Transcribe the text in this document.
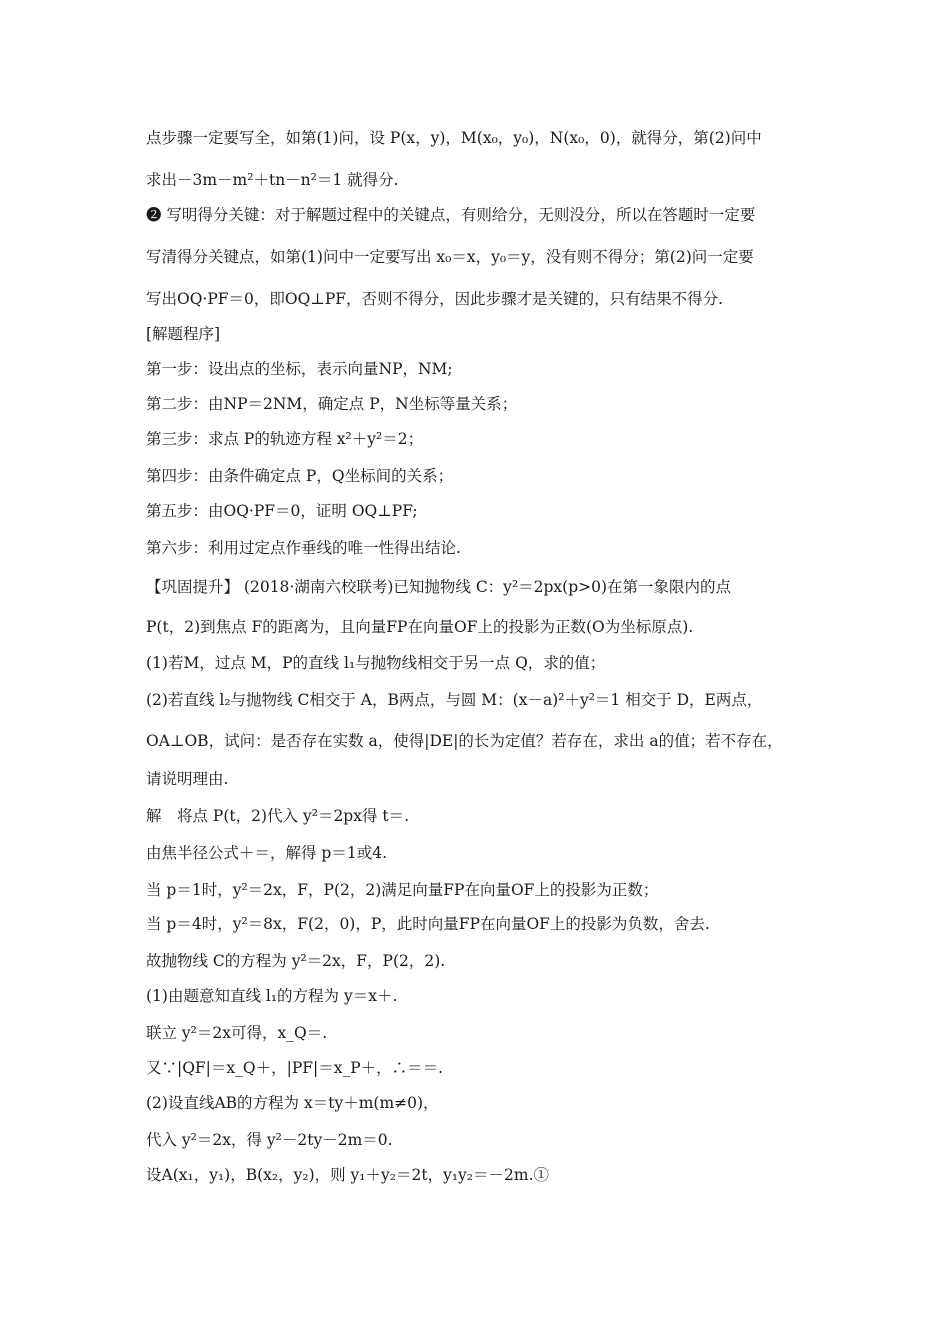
点步骤一定要写全，如第(1)问，设 P(x，y)，M(x₀，y₀)，N(x₀，0)，就得分，第(2)问中
求出－3m－m²＋tn－n²＝1 就得分.
❷ 写明得分关键：对于解题过程中的关键点，有则给分，无则没分，所以在答题时一定要
写清得分关键点，如第(1)问中一定要写出 x₀＝x，y₀＝y，没有则不得分；第(2)问一定要
写出OQ·PF＝0，即OQ⊥PF，否则不得分，因此步骤才是关键的，只有结果不得分.
[解题程序]
第一步：设出点的坐标，表示向量NP，NM;
第二步：由NP＝2NM，确定点 P，N坐标等量关系；
第三步：求点 P的轨迹方程 x²＋y²＝2；
第四步：由条件确定点 P，Q坐标间的关系；
第五步：由OQ·PF＝0，证明 OQ⊥PF;
第六步：利用过定点作垂线的唯一性得出结论.
【巩固提升】 (2018·湖南六校联考)已知抛物线 C：y²＝2px(p>0)在第一象限内的点
P(t，2)到焦点 F的距离为，且向量FP在向量OF上的投影为正数(O为坐标原点).
(1)若M，过点 M，P的直线 l₁与抛物线相交于另一点 Q，求的值；
(2)若直线 l₂与抛物线 C相交于 A，B两点，与圆 M：(x－a)²＋y²＝1 相交于 D，E两点，
OA⊥OB，试问：是否存在实数 a，使得|DE|的长为定值？若存在，求出 a的值；若不存在，
请说明理由.
解　将点 P(t，2)代入 y²＝2px得 t＝.
由焦半径公式＋＝，解得 p＝1或4.
当 p＝1时，y²＝2x，F，P(2，2)满足向量FP在向量OF上的投影为正数；
当 p＝4时，y²＝8x，F(2，0)，P，此时向量FP在向量OF上的投影为负数，舍去.
故抛物线 C的方程为 y²＝2x，F，P(2，2).
(1)由题意知直线 l₁的方程为 y＝x＋.
联立 y²＝2x可得，x_Q＝.
又∵|QF|＝x_Q＋，|PF|＝x_P＋，∴＝＝.
(2)设直线AB的方程为 x＝ty＋m(m≠0)，
代入 y²＝2x，得 y²－2ty－2m＝0.
设A(x₁，y₁)，B(x₂，y₂)，则 y₁＋y₂＝2t，y₁y₂＝－2m.①
